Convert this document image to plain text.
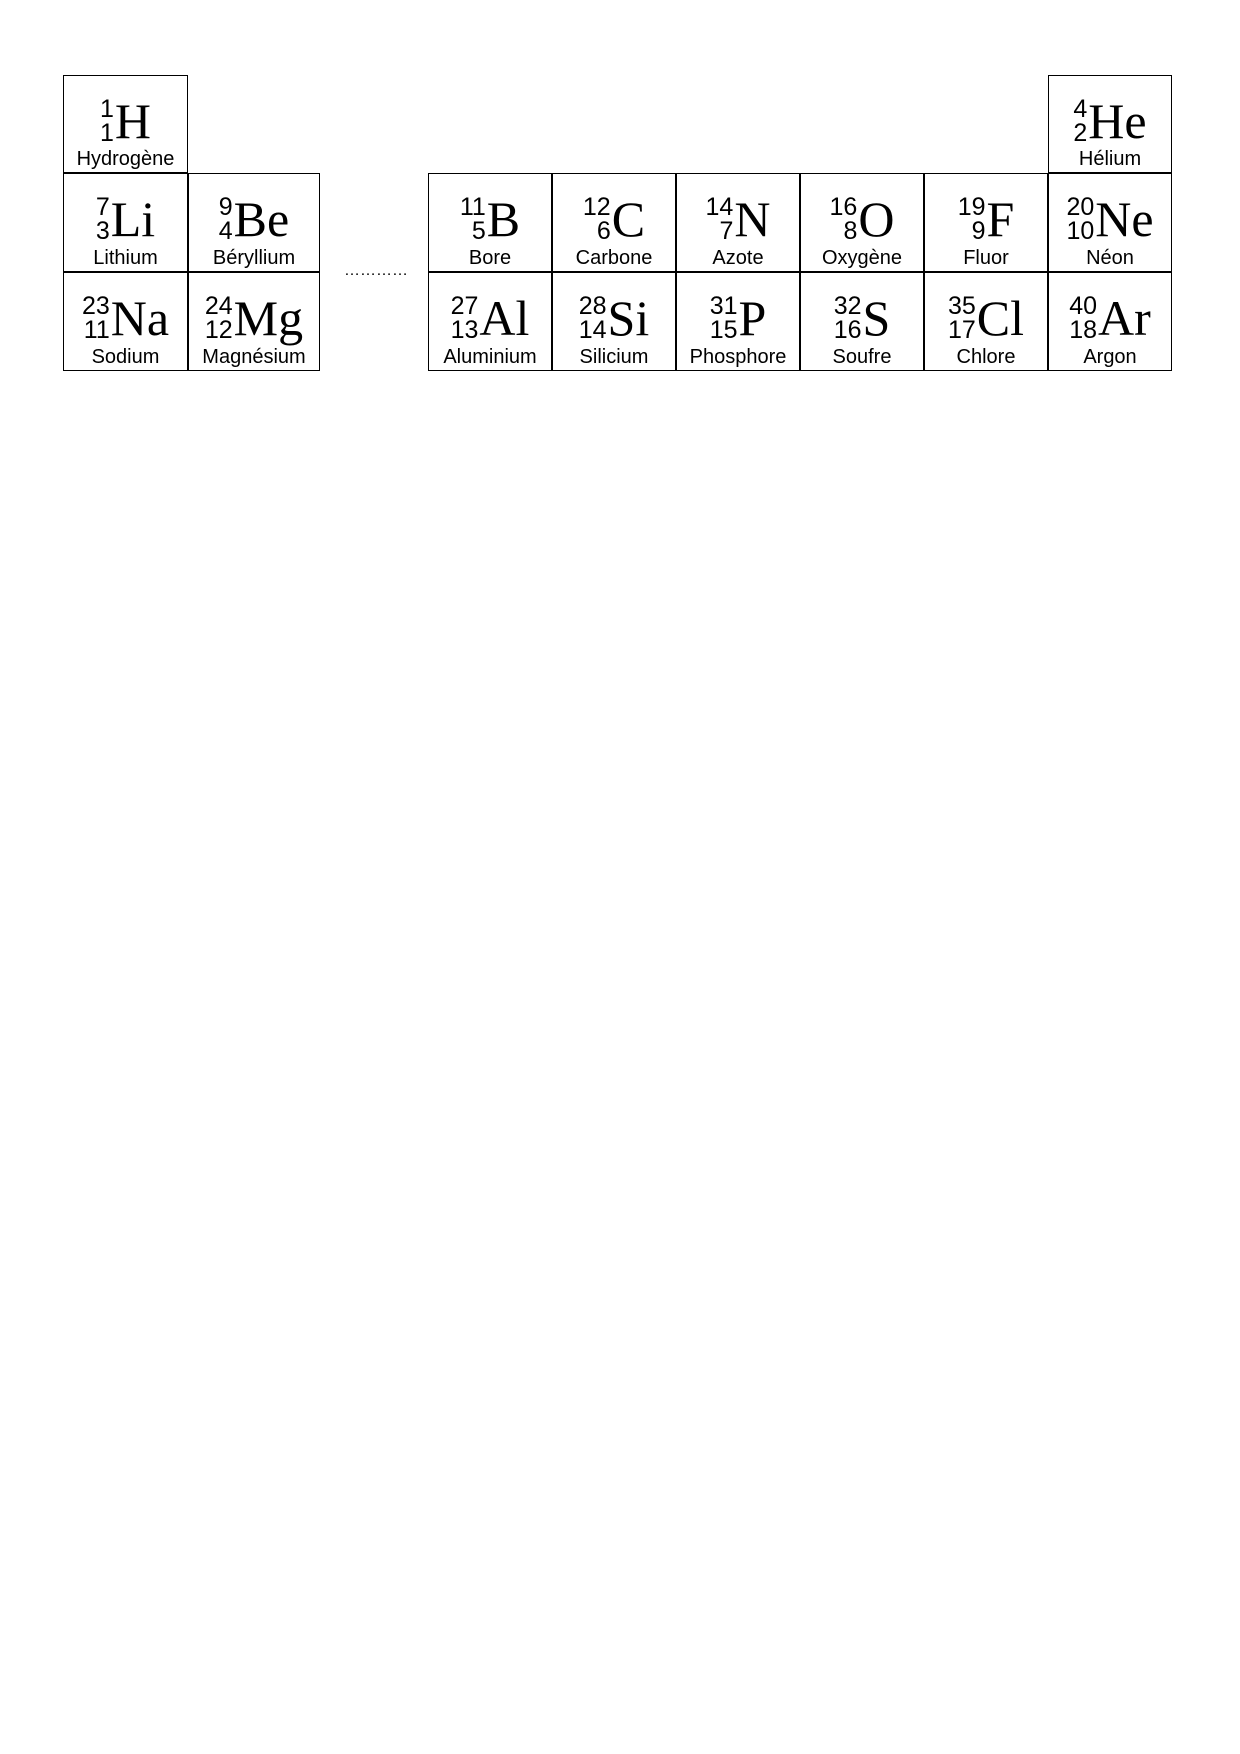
1
1 H
Hydrogène
4
2 He
Hélium
7
3 Li
Lithium
9
4 Be
Béryllium
11
5 B
Bore
12
6 C
Carbone
14
7 N
Azote
16
8 O
Oxygène
19
9 F
Fluor
20
10 Ne
Néon
23
11 Na
Sodium
24
12 Mg
Magnésium
27
13 Al
Aluminium
28
14 Si
Silicium
31
15 P
Phosphore
32
16 S
Soufre
35
17 Cl
Chlore
40
18 Ar
Argon
…………
